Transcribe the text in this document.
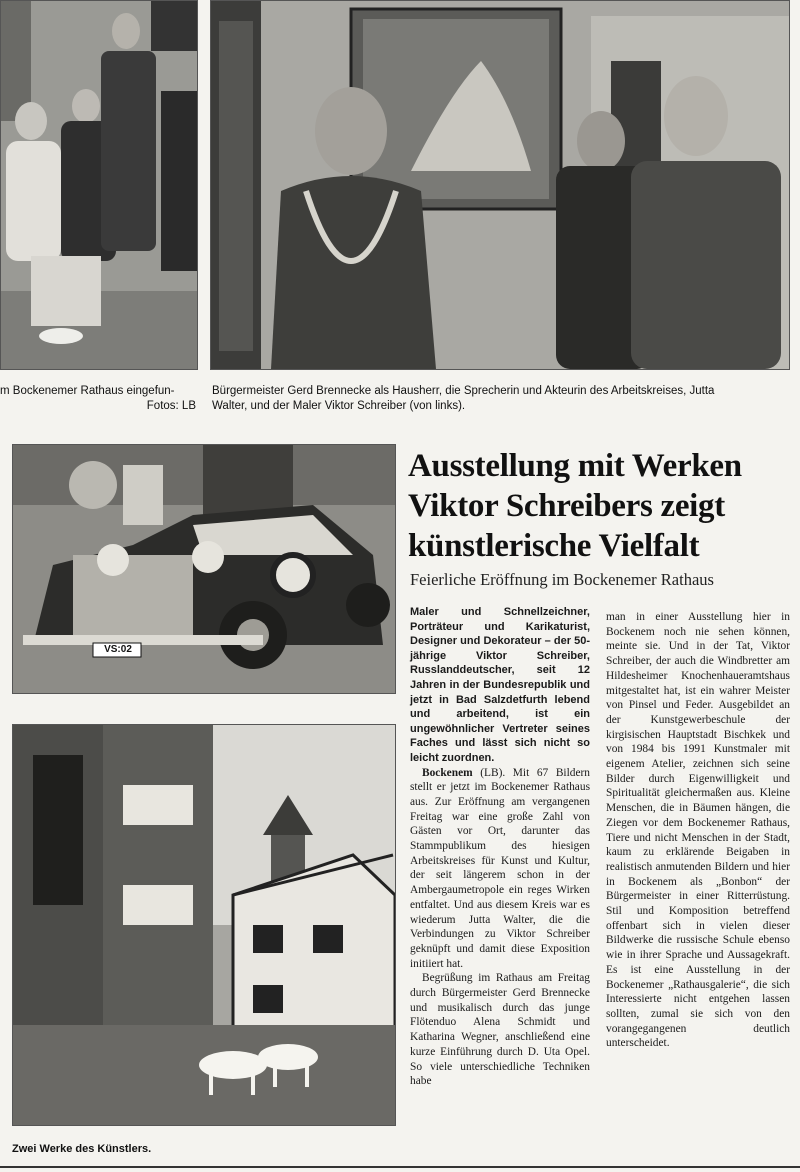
m Bockenemer Rathaus eingefun-
Fotos: LB
Bürgermeister Gerd Brennecke als Hausherr, die Sprecherin und Akteurin des Arbeitskreises, Jutta
Walter, und der Maler Viktor Schreiber (von links).
VS:02
Zwei Werke des Künstlers.
Ausstellung mit Werken
Viktor Schreibers zeigt
künstlerische Vielfalt
Feierliche Eröffnung im Bockenemer Rathaus

Maler und Schnellzeichner, Porträteur und Karikaturist, Designer und Dekorateur – der 50-jährige Viktor Schreiber, Russlanddeutscher, seit 12 Jahren in der Bundesrepublik und jetzt in Bad Salzdetfurth lebend und arbeitend, ist ein ungewöhnlicher Vertreter seines Faches und lässt sich nicht so leicht zuordnen.

Bockenem (LB). Mit 67 Bildern stellt er jetzt im Bockenemer Rathaus aus. Zur Eröffnung am vergangenen Freitag war eine große Zahl von Gästen vor Ort, darunter das Stammpublikum des hiesigen Arbeitskreises für Kunst und Kultur, der seit längerem schon in der Ambergaumetropole ein reges Wirken entfaltet. Und aus diesem Kreis war es wiederum Jutta Walter, die die Verbindungen zu Viktor Schreiber geknüpft und damit diese Exposition initiiert hat.

Begrüßung im Rathaus am Freitag durch Bürgermeister Gerd Brennecke und musikalisch durch das junge Flötenduo Alena Schmidt und Katharina Wegner, anschließend eine kurze Einführung durch D. Uta Opel. So viele unterschiedliche Techniken habe

man in einer Ausstellung hier in Bockenem noch nie sehen können, meinte sie. Und in der Tat, Viktor Schreiber, der auch die Windbretter am Hildesheimer Knochenhaueramtshaus mitgestaltet hat, ist ein wahrer Meister von Pinsel und Feder. Ausgebildet an der Kunstgewerbeschule der kirgisischen Hauptstadt Bischkek und von 1984 bis 1991 Kunstmaler mit eigenem Atelier, zeichnen sich seine Bilder durch Eigenwilligkeit und Spiritualität gleichermaßen aus. Kleine Menschen, die in Bäumen hängen, die Ziegen vor dem Bockenemer Rathaus, Tiere und nicht Menschen in der Stadt, kaum zu erklärende Beigaben in realistisch anmutenden Bildern und hier in Bockenem als „Bonbon“ der Bürgermeister in einer Ritterrüstung. Stil und Komposition betreffend offenbart sich in vielen dieser Bildwerke die russische Schule ebenso wie in ihrer Sprache und Aussagekraft. Es ist eine Ausstellung in der Bockenemer „Rathausgalerie“, die sich Interessierte nicht entgehen lassen sollten, zumal sie sich von den vorangegangenen deutlich unterscheidet.
